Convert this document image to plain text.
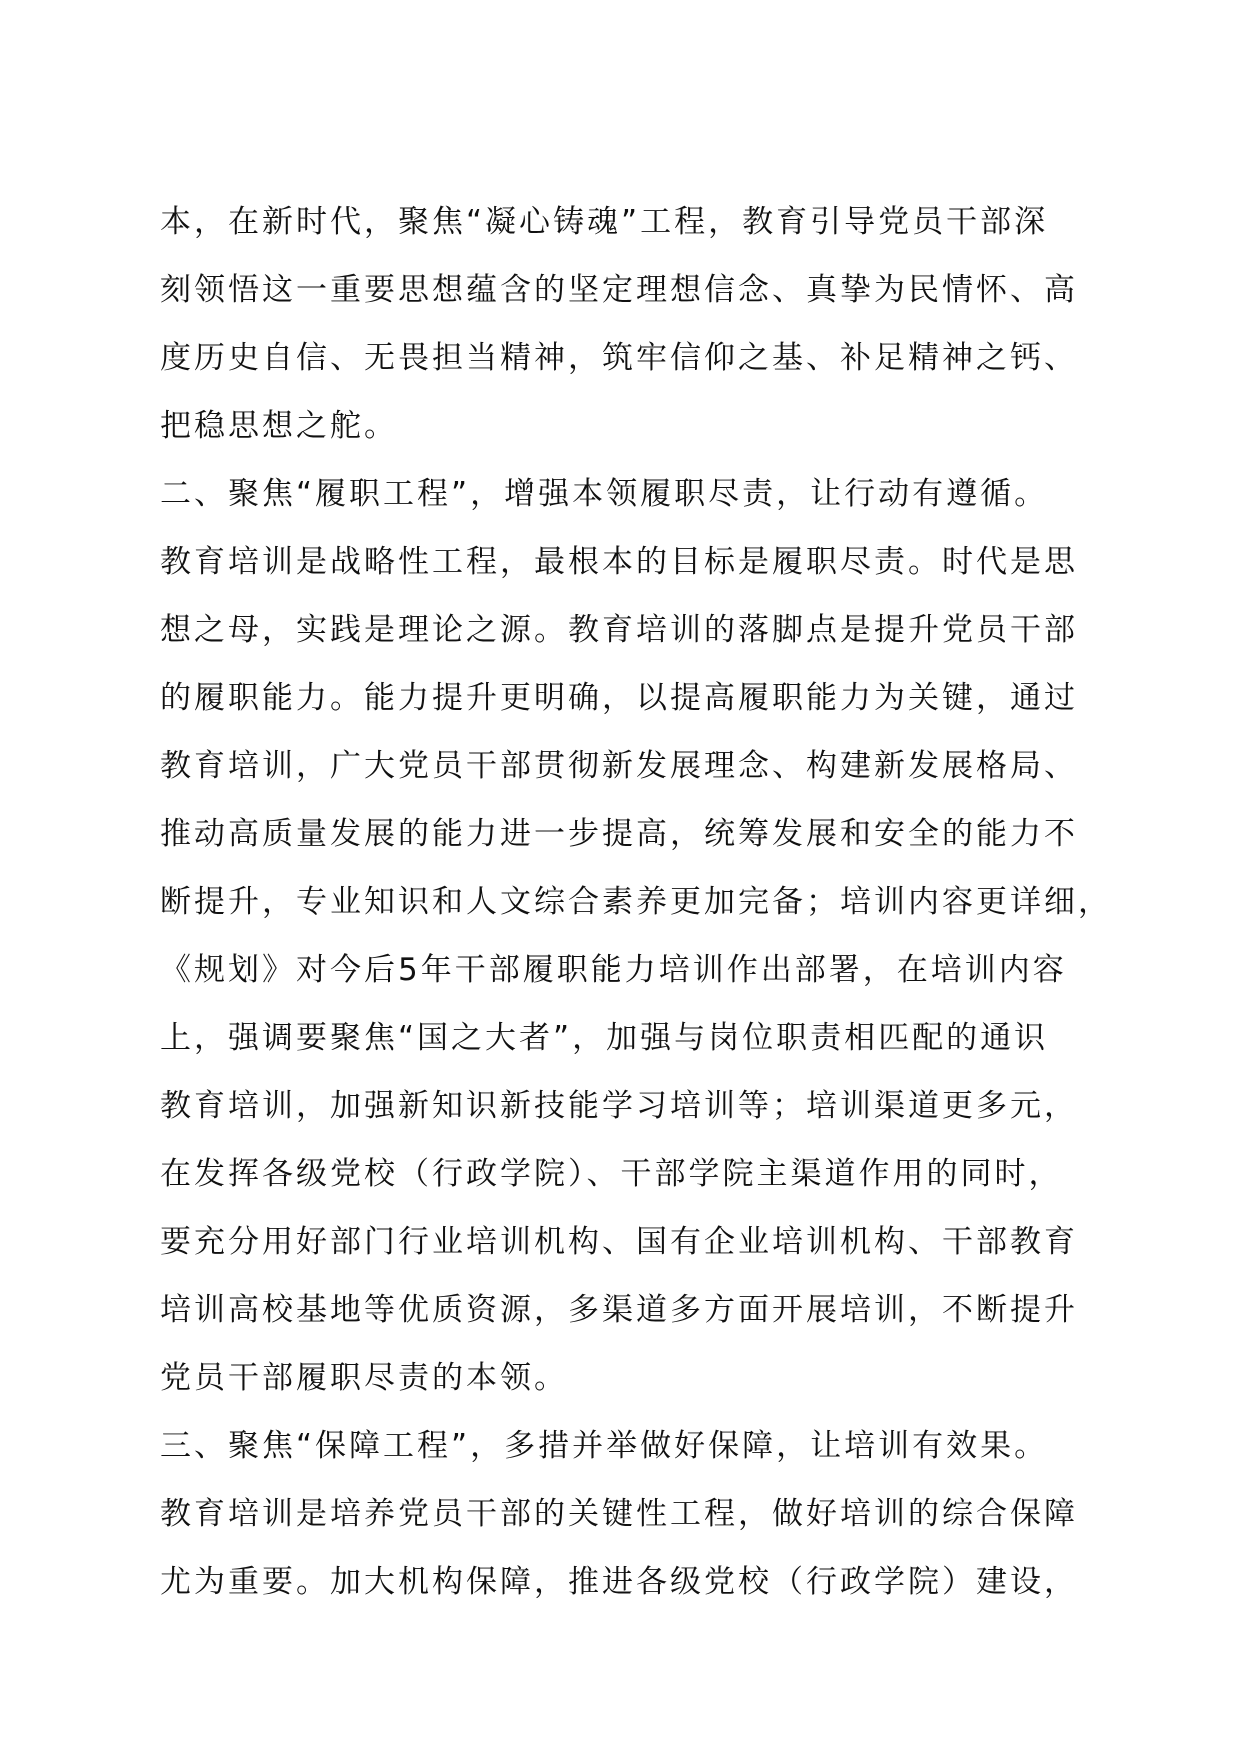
本，在新时代，聚焦“凝心铸魂”工程，教育引导党员干部深
刻领悟这一重要思想蕴含的坚定理想信念、真挚为民情怀、高
度历史自信、无畏担当精神，筑牢信仰之基、补足精神之钙、
把稳思想之舵。
二、聚焦“履职工程”，增强本领履职尽责，让行动有遵循。
教育培训是战略性工程，最根本的目标是履职尽责。时代是思
想之母，实践是理论之源。教育培训的落脚点是提升党员干部
的履职能力。能力提升更明确，以提高履职能力为关键，通过
教育培训，广大党员干部贯彻新发展理念、构建新发展格局、
推动高质量发展的能力进一步提高，统筹发展和安全的能力不
断提升，专业知识和人文综合素养更加完备；培训内容更详细，
《规划》对今后5年干部履职能力培训作出部署，在培训内容
上，强调要聚焦“国之大者”，加强与岗位职责相匹配的通识
教育培训，加强新知识新技能学习培训等；培训渠道更多元，
在发挥各级党校（行政学院）、干部学院主渠道作用的同时，
要充分用好部门行业培训机构、国有企业培训机构、干部教育
培训高校基地等优质资源，多渠道多方面开展培训，不断提升
党员干部履职尽责的本领。
三、聚焦“保障工程”，多措并举做好保障，让培训有效果。
教育培训是培养党员干部的关键性工程，做好培训的综合保障
尤为重要。加大机构保障，推进各级党校（行政学院）建设，
